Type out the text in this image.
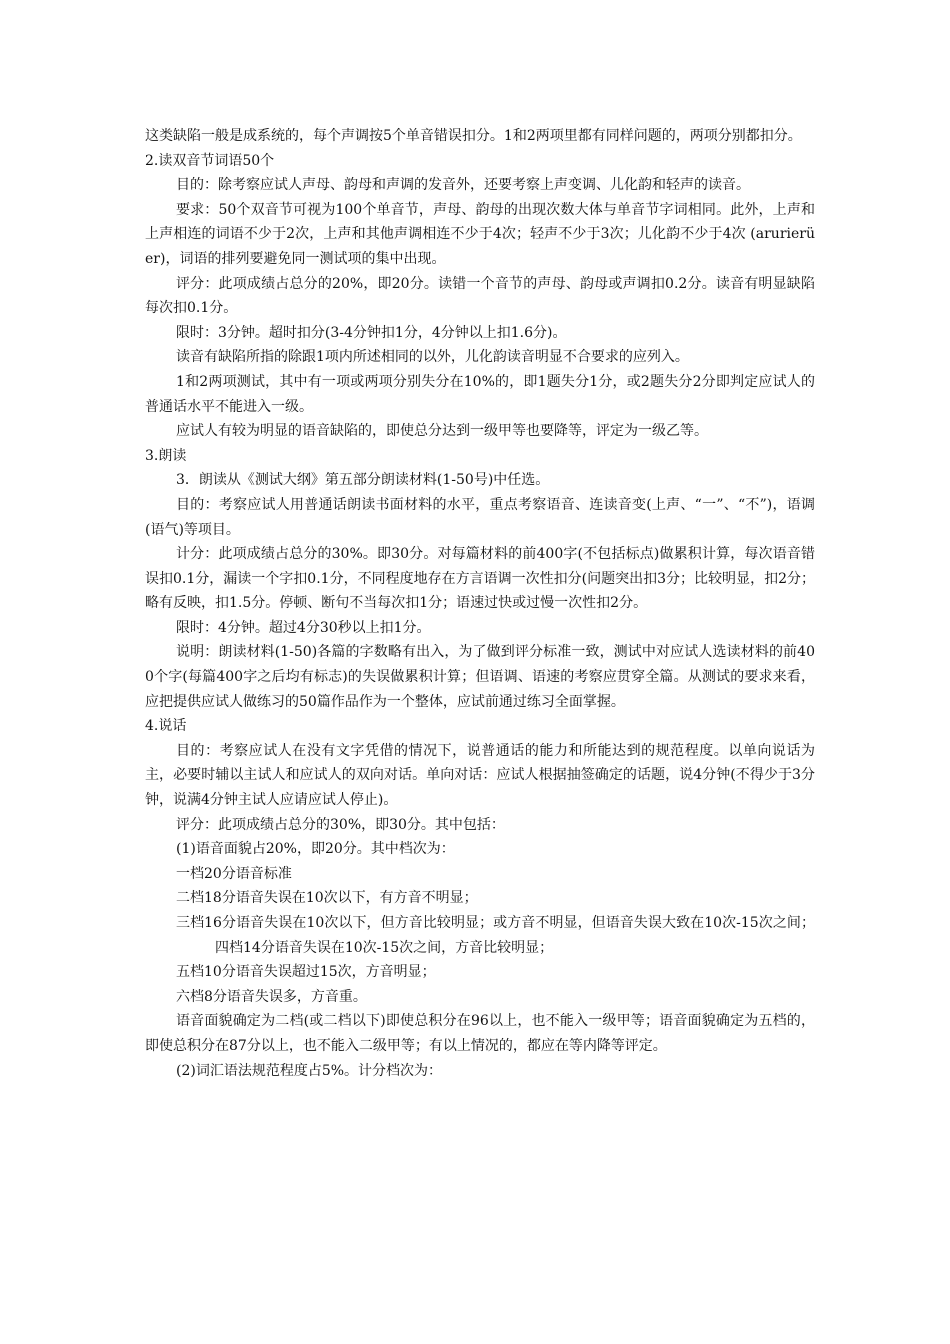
这类缺陷一般是成系统的，每个声调按5个单音错误扣分。1和2两项里都有同样问题的，两项分别都扣分。

2.读双音节词语50个

目的：除考察应试人声母、韵母和声调的发音外，还要考察上声变调、儿化韵和轻声的读音。

要求：50个双音节可视为100个单音节，声母、韵母的出现次数大体与单音节字词相同。此外，上声和上声相连的词语不少于2次，上声和其他声调相连不少于4次；轻声不少于3次；儿化韵不少于4次 (arurierüer)，词语的排列要避免同一测试项的集中出现。

评分：此项成绩占总分的20%，即20分。读错一个音节的声母、韵母或声调扣0.2分。读音有明显缺陷每次扣0.1分。

限时：3分钟。超时扣分(3-4分钟扣1分，4分钟以上扣1.6分)。

读音有缺陷所指的除跟1项内所述相同的以外，儿化韵读音明显不合要求的应列入。

1和2两项测试，其中有一项或两项分别失分在10%的，即1题失分1分，或2题失分2分即判定应试人的普通话水平不能进入一级。

应试人有较为明显的语音缺陷的，即使总分达到一级甲等也要降等，评定为一级乙等。

3.朗读

3．朗读从《测试大纲》第五部分朗读材料(1-50号)中任选。

目的：考察应试人用普通话朗读书面材料的水平，重点考察语音、连读音变(上声、“一”、“不”)，语调(语气)等项目。

计分：此项成绩占总分的30%。即30分。对每篇材料的前400字(不包括标点)做累积计算，每次语音错误扣0.1分，漏读一个字扣0.1分，不同程度地存在方言语调一次性扣分(问题突出扣3分；比较明显，扣2分；略有反映，扣1.5分。停顿、断句不当每次扣1分；语速过快或过慢一次性扣2分。

限时：4分钟。超过4分30秒以上扣1分。

说明：朗读材料(1-50)各篇的字数略有出入，为了做到评分标准一致，测试中对应试人选读材料的前400个字(每篇400字之后均有标志)的失误做累积计算；但语调、语速的考察应贯穿全篇。从测试的要求来看，应把提供应试人做练习的50篇作品作为一个整体，应试前通过练习全面掌握。

4.说话

目的：考察应试人在没有文字凭借的情况下，说普通话的能力和所能达到的规范程度。以单向说话为主，必要时辅以主试人和应试人的双向对话。单向对话：应试人根据抽签确定的话题，说4分钟(不得少于3分钟，说满4分钟主试人应请应试人停止)。

评分：此项成绩占总分的30%，即30分。其中包括：

(1)语音面貌占20%，即20分。其中档次为：

一档20分语音标准

二档18分语音失误在10次以下，有方音不明显；

三档16分语音失误在10次以下，但方音比较明显；或方音不明显，但语音失误大致在10次-15次之间；四档14分语音失误在10次-15次之间，方音比较明显；

五档10分语音失误超过15次，方音明显；

六档8分语音失误多，方音重。

语音面貌确定为二档(或二档以下)即使总积分在96以上，也不能入一级甲等；语音面貌确定为五档的，即使总积分在87分以上，也不能入二级甲等；有以上情况的，都应在等内降等评定。

(2)词汇语法规范程度占5%。计分档次为：
